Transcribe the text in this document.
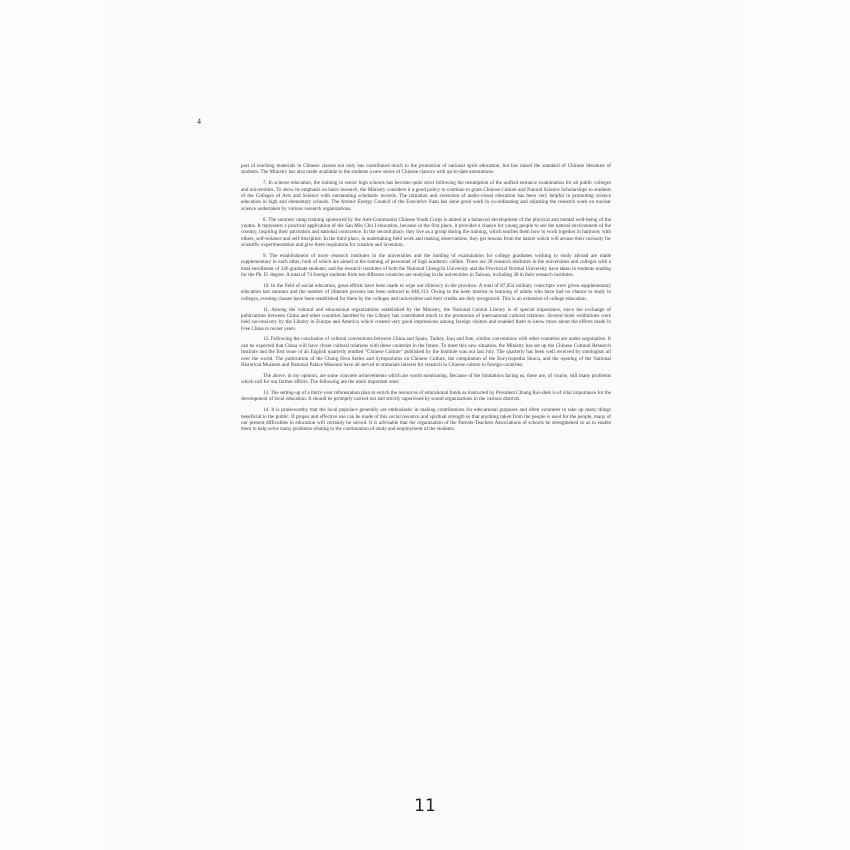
4

part of teaching materials in Chinese classes not only has contributed much to the promotion of national spirit education, but has raised the standard of Chinese literature of students. The Ministry has also made available to the students a new series of Chinese classics with up-to-date annotations.

7. In science education, the training in senior high schools has become quite strict following the resumption of the unified entrance examination for all public colleges and universities. To show its emphasis on basic research, the Ministry considers it a good policy to continue to grant Chinese Culture and Natural Science Scholarships to students of the Colleges of Arts and Science with outstanding scholastic records. The initiation and extension of audio-visual education has been very helpful in promoting science education in high and elementary schools. The Atomic Energy Council of the Executive Yuan has done good work in co-ordinating and adjusting the research work on nuclear science undertaken by various research organizations.

8. The summer camp training sponsored by the Anti-Communist Chinese Youth Corps is aimed at a balanced development of the physical and mental well-being of the youths. It represents a practical application of the San Min Chu I education, because in the first place, it provides a chance for young people to see the natural environment of the country, inspiring their patriotism and national conscience. In the second place, they live as a group during the training, which teaches them how to work together in harmony with others, self-reliance and self-discipline. In the third place, in undertaking field work and making observations, they get lessons from the nature which will arouse their curiosity for scientific experimentation and give them inspiration for creation and invention.

9. The establishment of more research institutes in the universities and the holding of examination for college graduates wishing to study abroad are made supplementary to each other, both of which are aimed at the training of personnel of high academic calibre. There are 28 research institutes in the universities and colleges with a total enrollment of 346 graduate students, and the research institutes of both the National Chengchi University and the Provincial Normal University have taken in students reading for the Ph. D. degree. A total of 74 foreign students from ten different countries are studying in the universities in Taiwan, including 38 in their research institutes.

10. In the field of social education, great efforts have been made to wipe out illiteracy in the province. A total of 87,654 military conscripts were given supplementary education last summer and the number of illiterate persons has been reduced to 848,313. Owing to the keen interest in learning of adults who have had no chance to study in colleges, evening classes have been established for them by the colleges and universities and their credits are duly recognized. This is an extension of college education.

11. Among the cultural and educational organizations established by the Ministry, the National Central Library is of special importance, since the exchange of publications between China and other countries handled by the Library has contributed much to the promotion of international cultural relations. Several book exhibitions were held successively by the Library in Europe and America which created very good impressions among foreign visitors and enabled them to know more about the efforts made in Free China in recent years.

12. Following the conclusion of cultural conventions between China and Spain, Turkey, Iraq and Iran, similar conventions with other countries are under negotiation. It can be expected that China will have closer cultural relations with these countries in the future. To meet this new situation, the Ministry has set up the Chinese Cultural Research Institute and the first issue of an English quarterly entitled "Chinese Culture" published by the Institute was out last July. The quarterly has been well received by sinologists all over the world. The publication of the Chung Hwa Series and Symposiums on Chinese Culture, the compilation of the Encyclopedia Sinica, and the opening of the National Historical Museum and National Palace Museum have all served to stimulate interest for research in Chinese culture in foreign countries.

The above, in my opinion, are some concrete achievements which are worth mentioning. Because of the limitations facing us, there are, of course, still many problems which call for our further efforts. The following are the more important ones:

13. The setting-up of a thirty-year reforestation plan to enrich the resources of educational funds as instructed by President Chiang Kai-shek is of vital importance for the development of local education. It should be promptly carried out and strictly supervised by sound organizations in the various districts.

14. It is praiseworthy that the local populace generally are enthusiastic in making contributions for educational purposes and often volunteer to take up many things beneficial to the public. If proper and effective use can be made of this social resource and spiritual strength so that anything taken from the people is used for the people, many of our present difficulties in education will certainly be solved. It is advisable that the organization of the Parents-Teachers Associations of schools be strengthened so as to enable them to help solve many problems relating to the continuation of study and employment of the students.

11
